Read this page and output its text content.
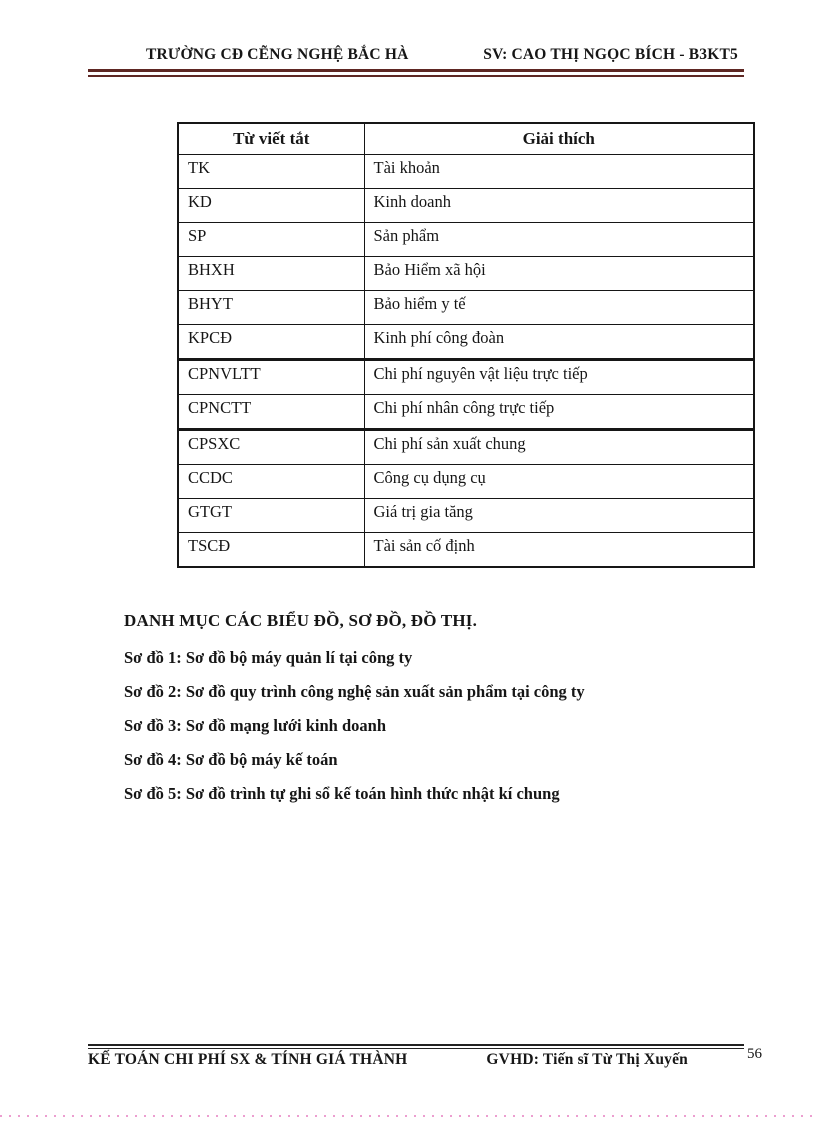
TRƯỜNG CĐ CẼNG NGHỆ BẮC HÀ	SV: CAO THỊ NGỌC BÍCH - B3KT5
Từ viết tắt	Giải thích
TK	Tài khoản
KD	Kinh doanh
SP	Sản phẩm
BHXH	Bảo Hiểm xã hội
BHYT	Bảo hiểm y tế
KPCĐ	Kinh phí công đoàn
CPNVLTT	Chi phí nguyên vật liệu trực tiếp
CPNCTT	Chi phí nhân công trực tiếp
CPSXC	Chi phí sản xuất chung
CCDC	Công cụ dụng cụ
GTGT	Giá trị gia tăng
TSCĐ	Tài sản cố định
DANH MỤC CÁC BIỂU ĐỒ, SƠ ĐỒ, ĐỒ THỊ.
Sơ đồ 1: Sơ đồ bộ máy quản lí tại công ty
Sơ đồ 2: Sơ đồ quy trình công nghệ sản xuất sản phẩm tại công ty
Sơ đồ 3: Sơ đồ mạng lưới kinh doanh
Sơ đồ 4: Sơ đồ bộ máy kế toán
Sơ đồ 5: Sơ đồ trình tự ghi sổ kế toán hình thức nhật kí chung
KẾ TOÁN CHI PHÍ SX & TÍNH GIÁ THÀNH	GVHD: Tiến sĩ Từ Thị Xuyến	56
